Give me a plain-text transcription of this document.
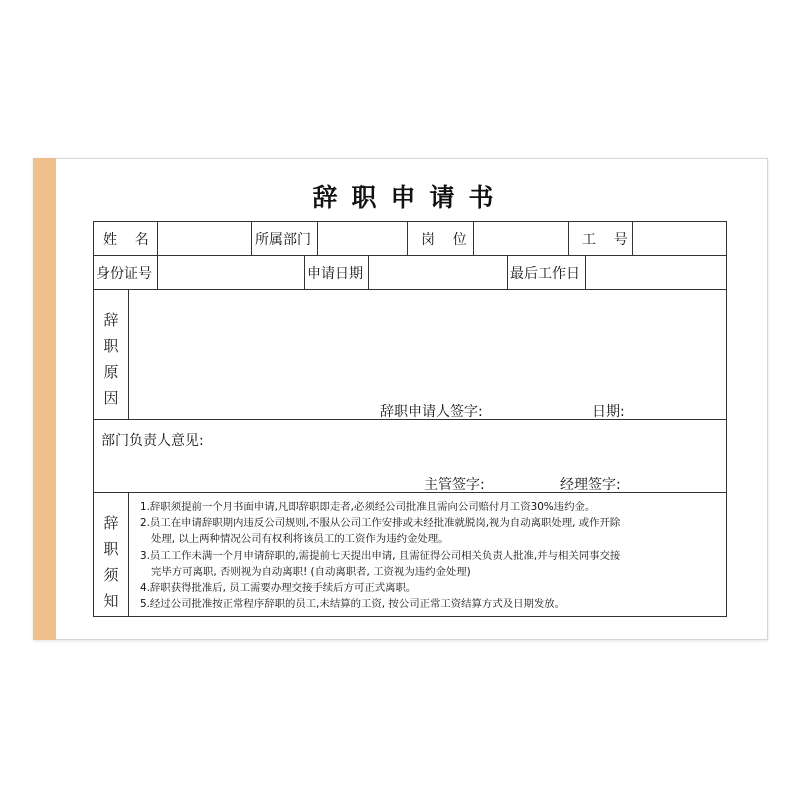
辞职申请书
姓    名	所属部门	岗    位	工    号
身份证号	申请日期	最后工作日
辞
职
原
因
辞职申请人签字:	日期:
部门负责人意见:
主管签字:	经理签字:
辞
职
须
知
1.辞职须提前一个月书面申请,凡即辞职即走者,必须经公司批准且需向公司赔付月工资30%违约金。
2.员工在申请辞职期内违反公司规则,不服从公司工作安排或未经批准就脱岗,视为自动离职处理, 或作开除
处理, 以上两种情况公司有权利将该员工的工资作为违约金处理。
3.员工工作未满一个月申请辞职的,需提前七天提出申请, 且需征得公司相关负责人批准,并与相关同事交接
完毕方可离职, 否则视为自动离职! (自动离职者, 工资视为违约金处理)
4.辞职获得批准后, 员工需要办理交接手续后方可正式离职。
5.经过公司批准按正常程序辞职的员工,未结算的工资, 按公司正常工资结算方式及日期发放。
